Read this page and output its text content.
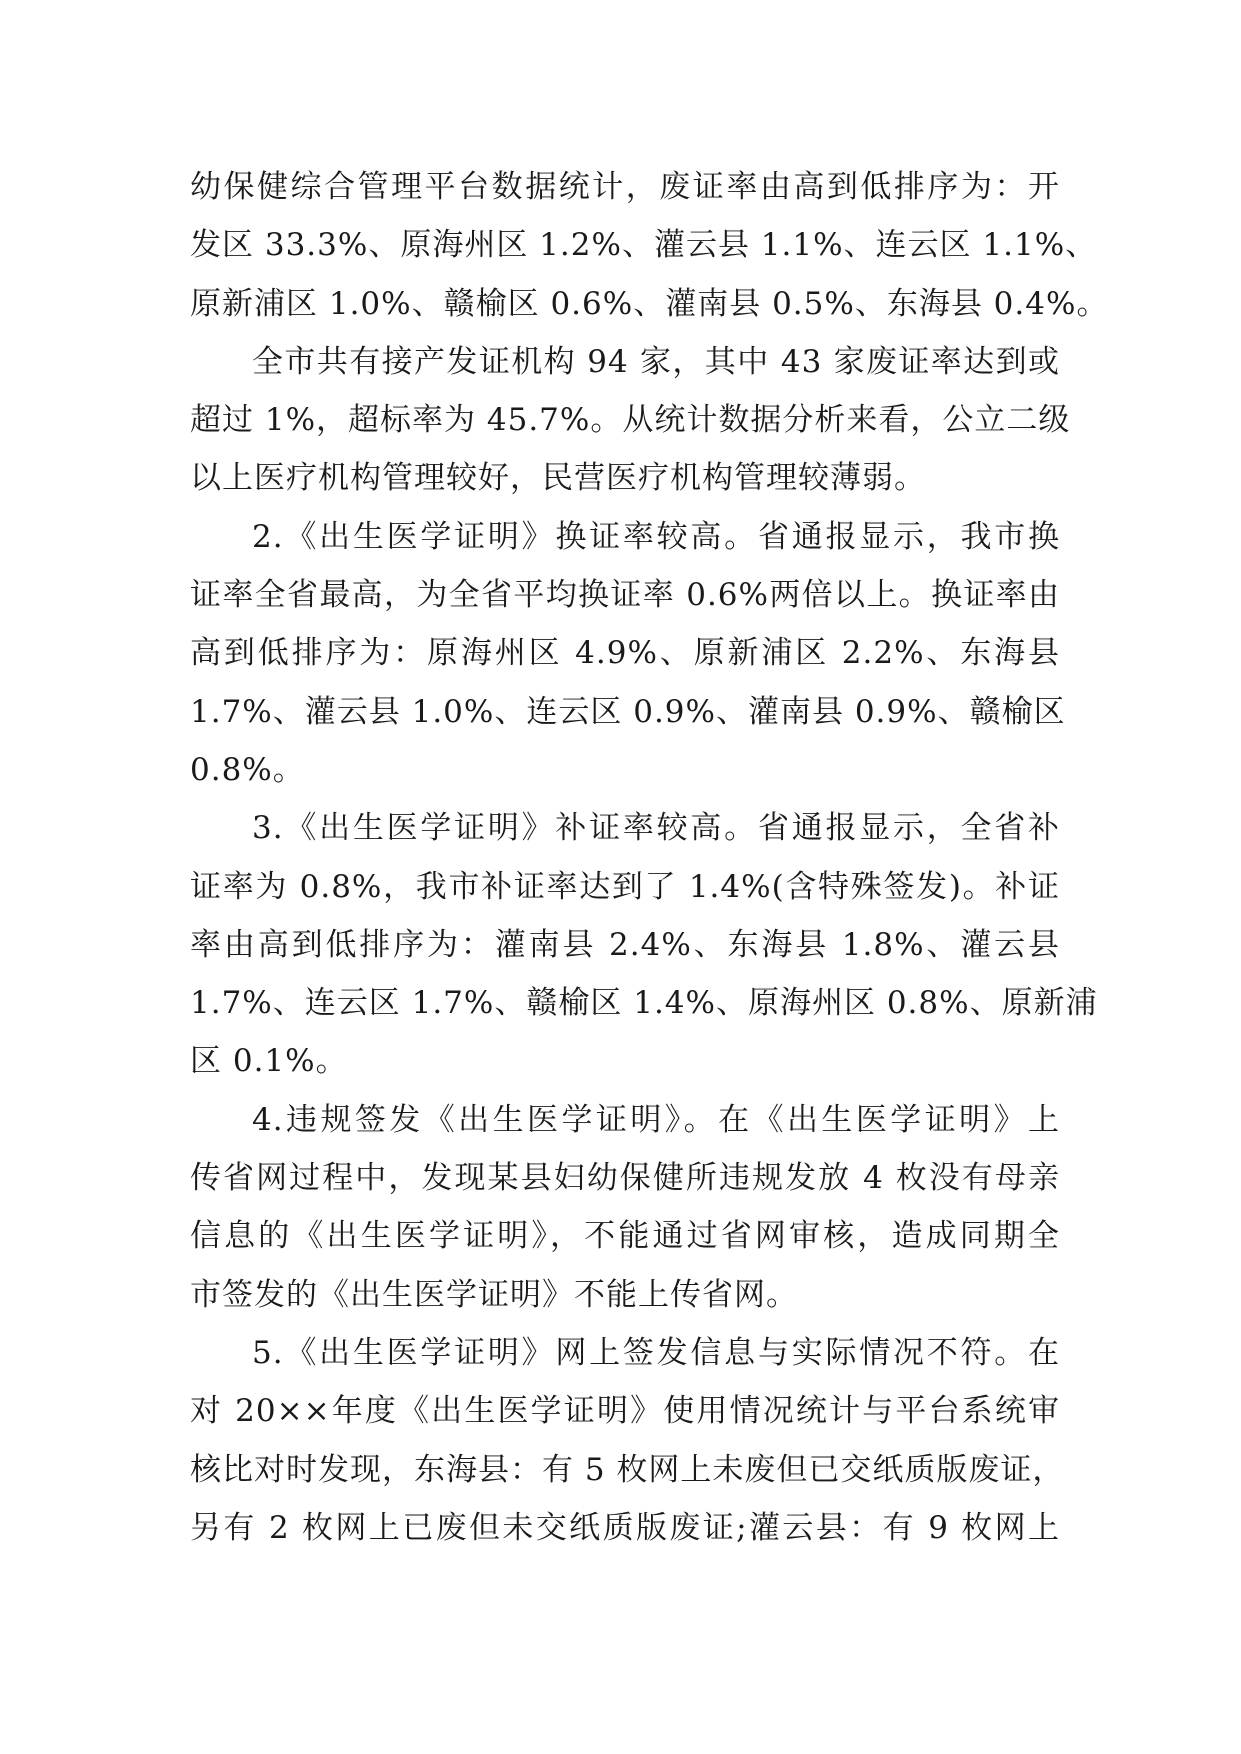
幼保健综合管理平台数据统计，废证率由高到低排序为：开
发区 33.3%、原海州区 1.2%、灌云县 1.1%、连云区 1.1%、
原新浦区 1.0%、赣榆区 0.6%、灌南县 0.5%、东海县 0.4%。
全市共有接产发证机构 94 家，其中 43 家废证率达到或
超过 1%，超标率为 45.7%。从统计数据分析来看，公立二级
以上医疗机构管理较好，民营医疗机构管理较薄弱。
2.《出生医学证明》换证率较高。省通报显示，我市换
证率全省最高，为全省平均换证率 0.6%两倍以上。换证率由
高到低排序为：原海州区 4.9%、原新浦区 2.2%、东海县
1.7%、灌云县 1.0%、连云区 0.9%、灌南县 0.9%、赣榆区
0.8%。
3.《出生医学证明》补证率较高。省通报显示，全省补
证率为 0.8%，我市补证率达到了 1.4%(含特殊签发)。补证
率由高到低排序为：灌南县 2.4%、东海县 1.8%、灌云县
1.7%、连云区 1.7%、赣榆区 1.4%、原海州区 0.8%、原新浦
区 0.1%。
4.违规签发《出生医学证明》。在《出生医学证明》上
传省网过程中，发现某县妇幼保健所违规发放 4 枚没有母亲
信息的《出生医学证明》，不能通过省网审核，造成同期全
市签发的《出生医学证明》不能上传省网。
5.《出生医学证明》网上签发信息与实际情况不符。在
对 20××年度《出生医学证明》使用情况统计与平台系统审
核比对时发现，东海县：有 5 枚网上未废但已交纸质版废证，
另有 2 枚网上已废但未交纸质版废证;灌云县：有 9 枚网上
